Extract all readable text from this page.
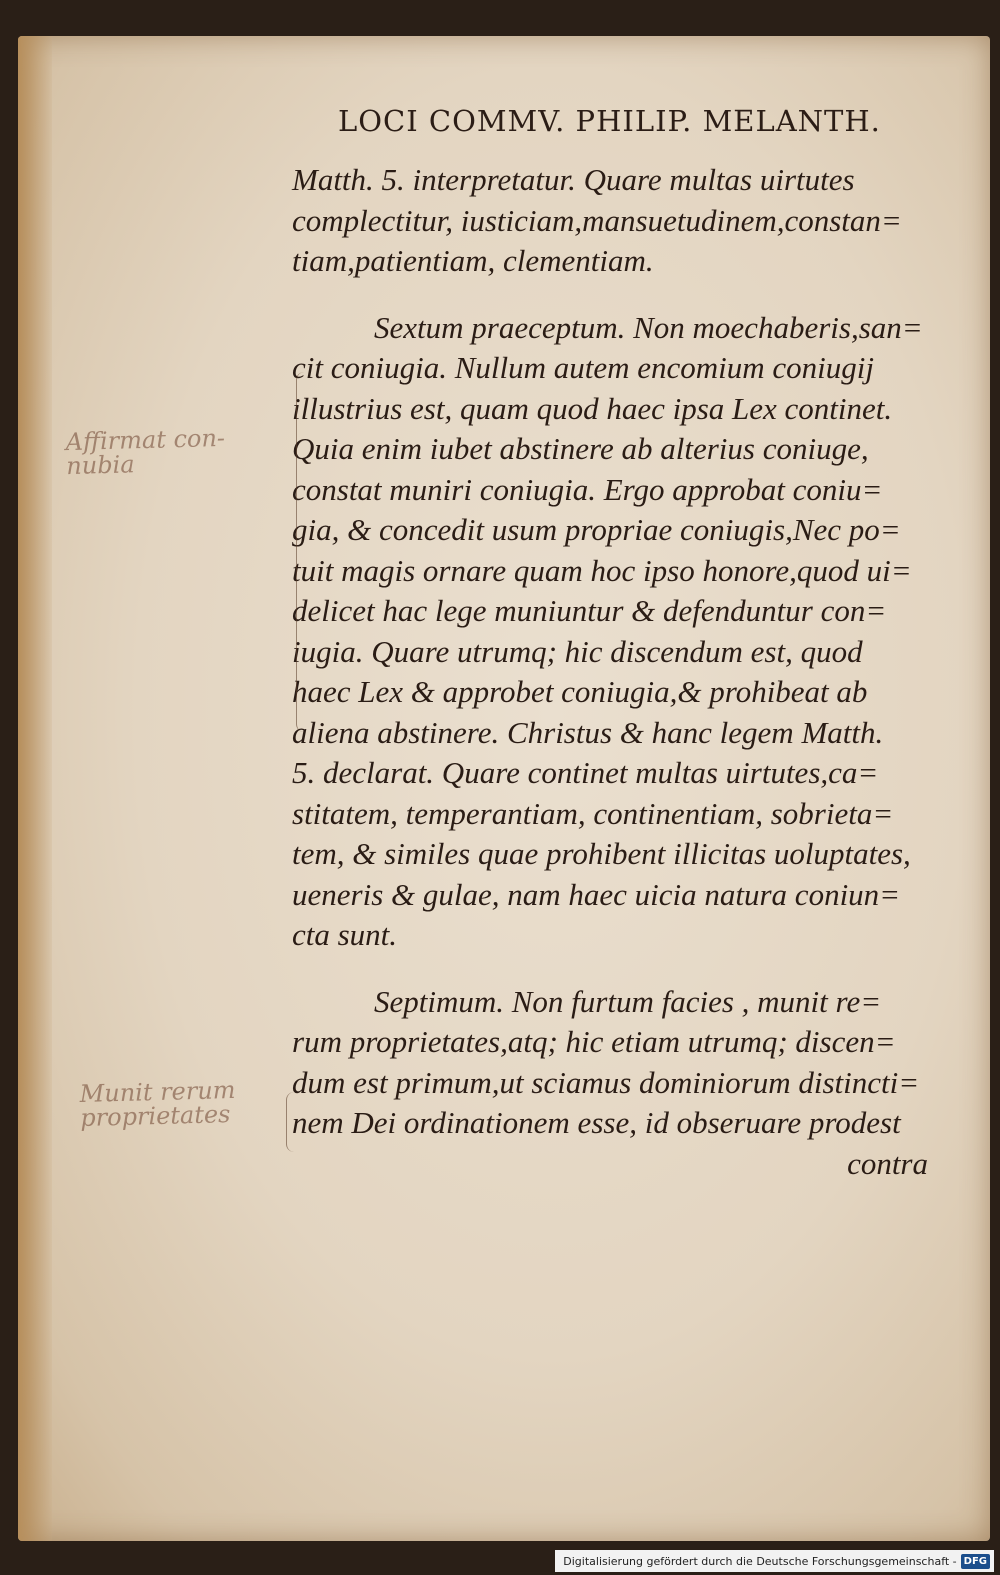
LOCI COMMV. PHILIP. MELANTH.
Matth. 5. interpretatur. Quare multas uirtutes
complectitur, iusticiam,mansuetudinem,constan=
tiam,patientiam, clementiam.
Sextum praeceptum. Non moechaberis,san=
cit coniugia. Nullum autem encomium coniugij
illustrius est, quam quod haec ipsa Lex continet.
Quia enim iubet abstinere ab alterius coniuge,
constat muniri coniugia. Ergo approbat coniu=
gia, & concedit usum propriae coniugis,Nec po=
tuit magis ornare quam hoc ipso honore,quod ui=
delicet hac lege muniuntur & defenduntur con=
iugia. Quare utrumq; hic discendum est, quod
haec Lex & approbet coniugia,& prohibeat ab
aliena abstinere. Christus & hanc legem Matth.
5. declarat. Quare continet multas uirtutes,ca=
stitatem, temperantiam, continentiam, sobrieta=
tem, & similes quae prohibent illicitas uoluptates,
ueneris & gulae, nam haec uicia natura coniun=
cta sunt.
Septimum. Non furtum facies , munit re=
rum proprietates,atq; hic etiam utrumq; discen=
dum est primum,ut sciamus dominiorum distincti=
nem Dei ordinationem esse, id obseruare prodest
contra
Affirmat con-
nubia
Munit rerum
proprietates
Digitalisierung gefördert durch die Deutsche Forschungsgemeinschaft - DFG
